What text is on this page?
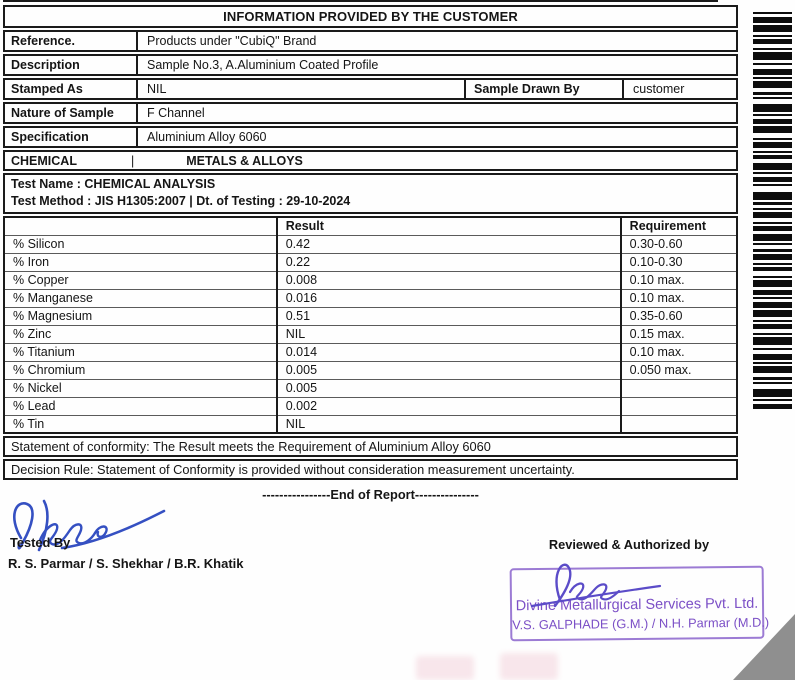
INFORMATION PROVIDED BY THE CUSTOMER
Reference.	Products under "CubiQ" Brand
Description	Sample No.3, A.Aluminium Coated Profile
Stamped As	NIL	Sample Drawn By	customer
Nature of Sample	F Channel
Specification	Aluminium Alloy 6060
CHEMICAL	|	METALS & ALLOYS
Test Name : CHEMICAL ANALYSIS
Test Method : JIS H1305:2007 | Dt. of Testing : 29-10-2024
	Result	Requirement
% Silicon	0.42	0.30-0.60
% Iron	0.22	0.10-0.30
% Copper	0.008	0.10 max.
% Manganese	0.016	0.10 max.
% Magnesium	0.51	0.35-0.60
% Zinc	NIL	0.15 max.
% Titanium	0.014	0.10 max.
% Chromium	0.005	0.050 max.
% Nickel	0.005	
% Lead	0.002	
% Tin	NIL	
Statement of conformity: The Result meets the Requirement of Aluminium Alloy 6060
Decision Rule: Statement of Conformity is provided without consideration measurement uncertainty.
----------------End of Report---------------
Tested By
R. S. Parmar / S. Shekhar / B.R. Khatik
Reviewed & Authorized by
Divine Metallurgical Services Pvt. Ltd.
V.S. GALPHADE (G.M.) / N.H. Parmar (M.D.)
